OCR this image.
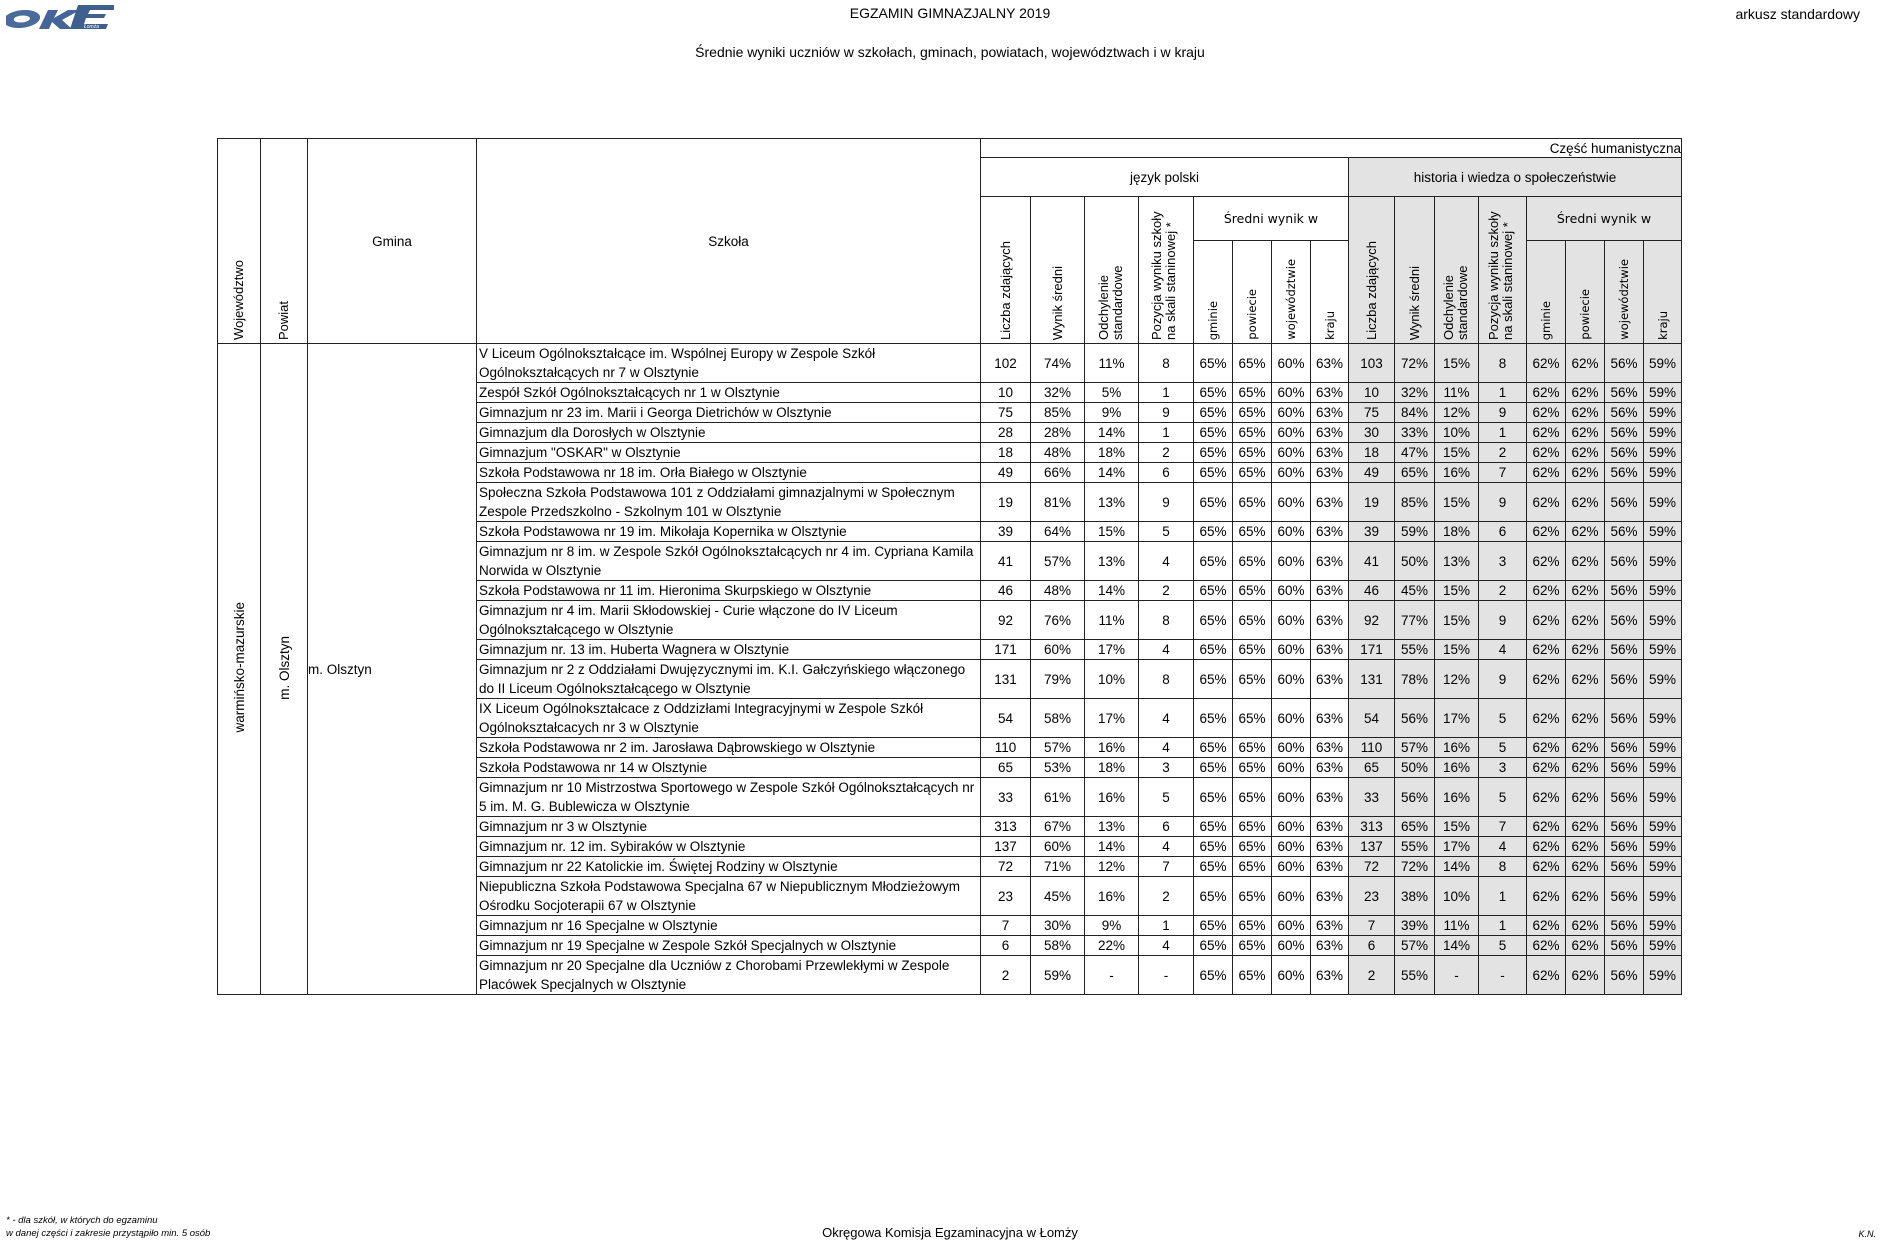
Łomża
EGZAMIN GIMNAZJALNY 2019
Średnie wyniki uczniów w szkołach, gminach, powiatach, województwach i w kraju
arkusz standardowy
Województwo	Powiat	Gmina	Szkoła	Część humanistyczna															
				język polski								historia i wiedza o społeczeństwie							
				Liczba zdających	Wynik średni	Odchylenie standardowe	Pozycja wyniku szkoły na skali staninowej *	Średni wynik w				Liczba zdających	Wynik średni	Odchylenie standardowe	Pozycja wyniku szkoły na skali staninowej *	Średni wynik w			
								gminie	powiecie	województwie	kraju					gminie	powiecie	województwie	kraju
warmińsko-mazurskie	m. Olsztyn	m. Olsztyn	V Liceum Ogólnokształcące im. Wspólnej Europy w Zespole Szkół Ogólnokształcących nr 7 w Olsztynie	102	74%	11%	8	65%	65%	60%	63%	103	72%	15%	8	62%	62%	56%	59%
			Zespół Szkół Ogólnokształcących nr 1 w Olsztynie	10	32%	5%	1	65%	65%	60%	63%	10	32%	11%	1	62%	62%	56%	59%
			Gimnazjum nr 23 im. Marii i Georga Dietrichów w Olsztynie	75	85%	9%	9	65%	65%	60%	63%	75	84%	12%	9	62%	62%	56%	59%
			Gimnazjum dla Dorosłych w Olsztynie	28	28%	14%	1	65%	65%	60%	63%	30	33%	10%	1	62%	62%	56%	59%
			Gimnazjum "OSKAR" w Olsztynie	18	48%	18%	2	65%	65%	60%	63%	18	47%	15%	2	62%	62%	56%	59%
			Szkoła Podstawowa nr 18 im. Orła Białego w Olsztynie	49	66%	14%	6	65%	65%	60%	63%	49	65%	16%	7	62%	62%	56%	59%
			Społeczna Szkoła Podstawowa 101 z Oddziałami gimnazjalnymi w Społecznym Zespole Przedszkolno - Szkolnym 101 w Olsztynie	19	81%	13%	9	65%	65%	60%	63%	19	85%	15%	9	62%	62%	56%	59%
			Szkoła Podstawowa nr 19 im. Mikołaja Kopernika w Olsztynie	39	64%	15%	5	65%	65%	60%	63%	39	59%	18%	6	62%	62%	56%	59%
			Gimnazjum nr 8 im. w Zespole Szkół Ogólnokształcących nr 4 im. Cypriana Kamila Norwida w Olsztynie	41	57%	13%	4	65%	65%	60%	63%	41	50%	13%	3	62%	62%	56%	59%
			Szkoła Podstawowa nr 11 im. Hieronima Skurpskiego w Olsztynie	46	48%	14%	2	65%	65%	60%	63%	46	45%	15%	2	62%	62%	56%	59%
			Gimnazjum nr 4 im. Marii Skłodowskiej - Curie włączone do IV Liceum Ogólnokształcącego w Olsztynie	92	76%	11%	8	65%	65%	60%	63%	92	77%	15%	9	62%	62%	56%	59%
			Gimnazjum nr. 13 im. Huberta Wagnera w Olsztynie	171	60%	17%	4	65%	65%	60%	63%	171	55%	15%	4	62%	62%	56%	59%
			Gimnazjum nr 2 z Oddziałami Dwujęzycznymi im. K.I. Gałczyńskiego włączonego do II Liceum Ogólnokształcącego w Olsztynie	131	79%	10%	8	65%	65%	60%	63%	131	78%	12%	9	62%	62%	56%	59%
			IX Liceum Ogólnokształcace z Oddzizłami Integracyjnymi w Zespole Szkół Ogólnokształcacych nr 3 w Olsztynie	54	58%	17%	4	65%	65%	60%	63%	54	56%	17%	5	62%	62%	56%	59%
			Szkoła Podstawowa nr 2 im. Jarosława Dąbrowskiego w Olsztynie	110	57%	16%	4	65%	65%	60%	63%	110	57%	16%	5	62%	62%	56%	59%
			Szkoła Podstawowa nr 14 w Olsztynie	65	53%	18%	3	65%	65%	60%	63%	65	50%	16%	3	62%	62%	56%	59%
			Gimnazjum nr 10 Mistrzostwa Sportowego w Zespole Szkół Ogólnokształcących nr 5 im. M. G. Bublewicza w Olsztynie	33	61%	16%	5	65%	65%	60%	63%	33	56%	16%	5	62%	62%	56%	59%
			Gimnazjum nr 3 w Olsztynie	313	67%	13%	6	65%	65%	60%	63%	313	65%	15%	7	62%	62%	56%	59%
			Gimnazjum nr. 12 im. Sybiraków w Olsztynie	137	60%	14%	4	65%	65%	60%	63%	137	55%	17%	4	62%	62%	56%	59%
			Gimnazjum nr 22 Katolickie im. Świętej Rodziny w Olsztynie	72	71%	12%	7	65%	65%	60%	63%	72	72%	14%	8	62%	62%	56%	59%
			Niepubliczna Szkoła Podstawowa Specjalna 67 w Niepublicznym Młodzieżowym Ośrodku Socjoterapii 67 w Olsztynie	23	45%	16%	2	65%	65%	60%	63%	23	38%	10%	1	62%	62%	56%	59%
			Gimnazjum nr 16 Specjalne w Olsztynie	7	30%	9%	1	65%	65%	60%	63%	7	39%	11%	1	62%	62%	56%	59%
			Gimnazjum nr 19 Specjalne w Zespole Szkół Specjalnych w Olsztynie	6	58%	22%	4	65%	65%	60%	63%	6	57%	14%	5	62%	62%	56%	59%
			Gimnazjum nr 20 Specjalne dla Uczniów z Chorobami Przewlekłymi w Zespole Placówek Specjalnych w Olsztynie	2	59%	-	-	65%	65%	60%	63%	2	55%	-	-	62%	62%	56%	59%
* - dla szkół, w których do egzaminu
w danej części i zakresie przystąpiło min. 5 osób	Okręgowa Komisja Egzaminacyjna w Łomży	K.N.
